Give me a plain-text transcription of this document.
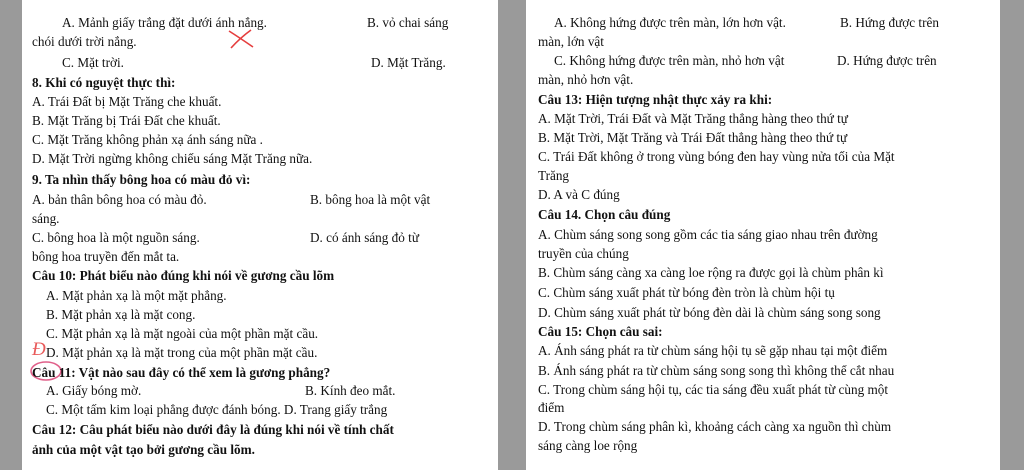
A. Mảnh giấy trắng đặt dưới ánh nắng.	B. vỏ chai sáng
chói dưới trời nắng.
C. Mặt trời.	D. Mặt Trăng.
8. Khi có nguyệt thực thì:
A. Trái Đất bị Mặt Trăng che khuất.
B. Mặt Trăng bị Trái Đất che khuất.
C. Mặt Trăng không phản xạ ánh sáng nữa .
D. Mặt Trời ngừng không chiếu sáng Mặt Trăng nữa.
9. Ta nhìn thấy bông hoa có màu đỏ vì:
A. bản thân bông hoa có màu đỏ.	B. bông hoa là một vật
sáng.
C. bông hoa là một nguồn sáng.	D. có ánh sáng đỏ từ
bông hoa truyền đến mắt ta.
Câu 10: Phát biểu nào đúng khi nói về gương cầu lõm
A. Mặt phản xạ là một mặt phẳng.
B. Mặt phản xạ là mặt cong.
C. Mặt phản xạ là mặt ngoài của một phần mặt cầu.
D. Mặt phản xạ là mặt trong của một phần mặt cầu.
Đ
Câu 11: Vật nào sau đây có thể xem là gương phẳng?
A. Giấy bóng mờ.	B. Kính đeo mắt.
C. Một tấm kim loại phẳng được đánh bóng. D. Trang giấy trắng
Câu 12: Câu phát biểu nào dưới đây là đúng khi nói về tính chất
ảnh của một vật tạo bởi gương cầu lõm.
A. Không hứng được trên màn, lớn hơn vật.	B. Hứng được trên
màn, lớn vật
C. Không hứng được trên màn, nhỏ hơn vật	D. Hứng được trên
màn, nhỏ hơn vật.
Câu 13: Hiện tượng nhật thực xảy ra khi:
A. Mặt Trời, Trái Đất và Mặt Trăng thẳng hàng theo thứ tự
B. Mặt Trời, Mặt Trăng và Trái Đất thẳng hàng theo thứ tự
C. Trái Đất không ở trong vùng bóng đen hay vùng nửa tối của Mặt
Trăng
D. A và C đúng
Câu 14. Chọn câu đúng
A. Chùm sáng song song gồm các tia sáng giao nhau trên đường
truyền của chúng
B. Chùm sáng càng xa càng loe rộng ra được gọi là chùm phân kì
C. Chùm sáng xuất phát từ bóng đèn tròn là chùm hội tụ
D. Chùm sáng xuất phát từ bóng đèn dài là chùm sáng song song
Câu 15: Chọn câu sai:
A. Ánh sáng phát ra từ chùm sáng hội tụ sẽ gặp nhau tại một điểm
B. Ánh sáng phát ra từ chùm sáng song song thì không thể cắt nhau
C. Trong chùm sáng hội tụ, các tia sáng đều xuất phát từ cùng một
điểm
D. Trong chùm sáng phân kì, khoảng cách càng xa nguồn thì chùm
sáng càng loe rộng
